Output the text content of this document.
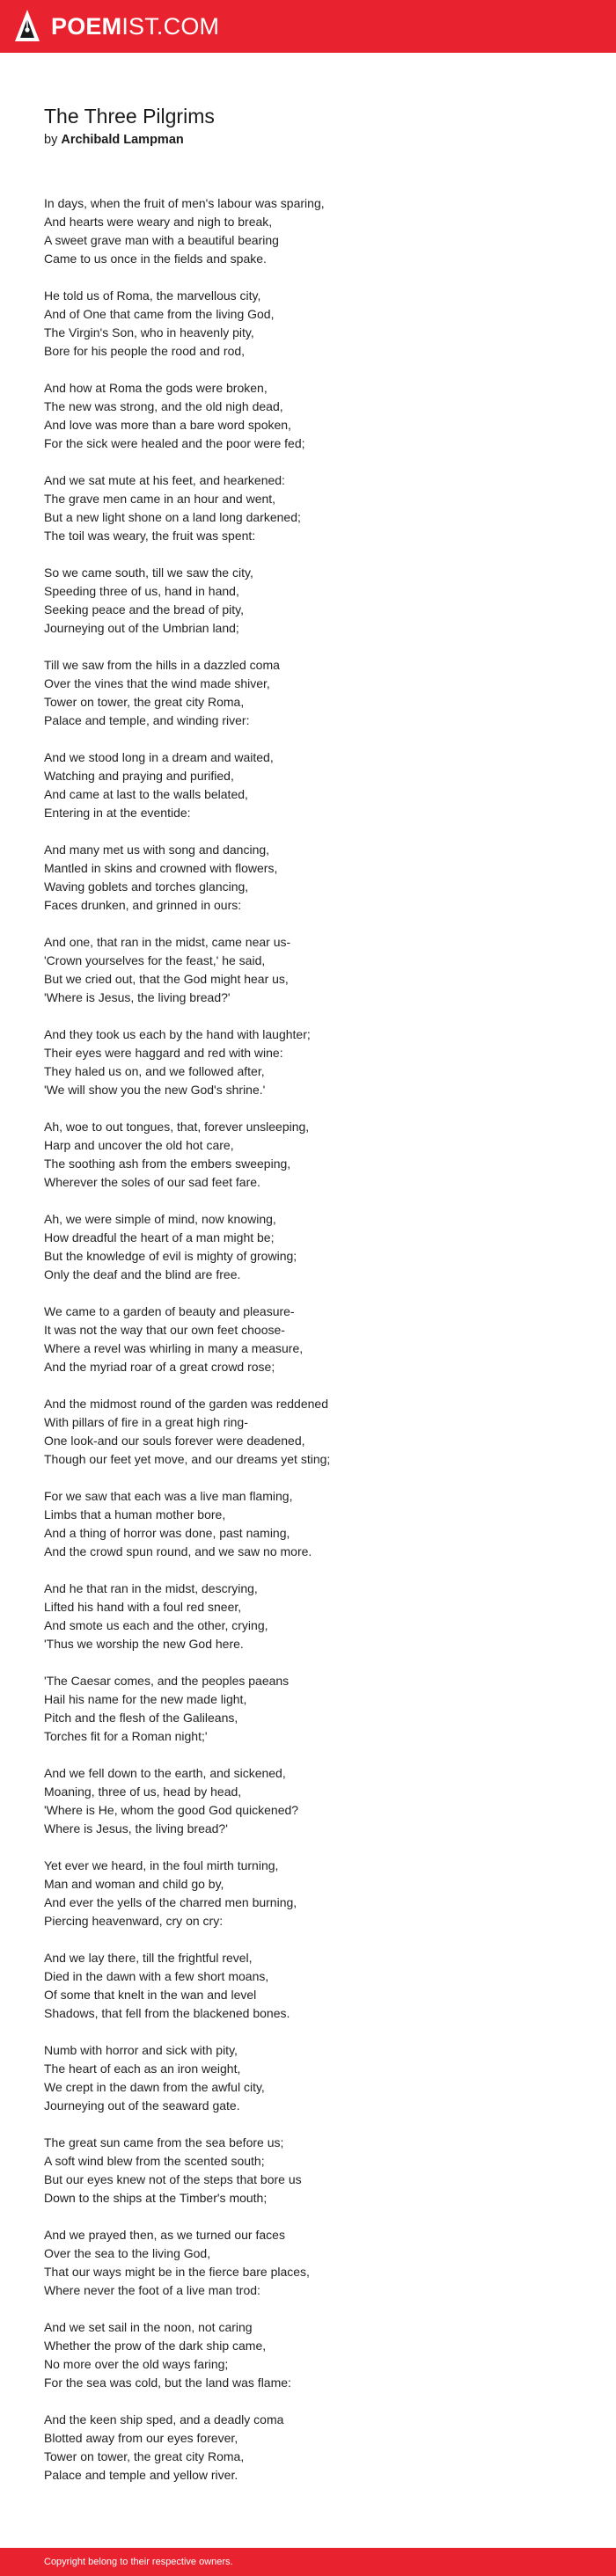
POEMIST.COM
The Three Pilgrims
by Archibald Lampman
In days, when the fruit of men's labour was sparing,
And hearts were weary and nigh to break,
A sweet grave man with a beautiful bearing
Came to us once in the fields and spake.
He told us of Roma, the marvellous city,
And of One that came from the living God,
The Virgin's Son, who in heavenly pity,
Bore for his people the rood and rod,
And how at Roma the gods were broken,
The new was strong, and the old nigh dead,
And love was more than a bare word spoken,
For the sick were healed and the poor were fed;
And we sat mute at his feet, and hearkened:
The grave men came in an hour and went,
But a new light shone on a land long darkened;
The toil was weary, the fruit was spent:
So we came south, till we saw the city,
Speeding three of us, hand in hand,
Seeking peace and the bread of pity,
Journeying out of the Umbrian land;
Till we saw from the hills in a dazzled coma
Over the vines that the wind made shiver,
Tower on tower, the great city Roma,
Palace and temple, and winding river:
And we stood long in a dream and waited,
Watching and praying and purified,
And came at last to the walls belated,
Entering in at the eventide:
And many met us with song and dancing,
Mantled in skins and crowned with flowers,
Waving goblets and torches glancing,
Faces drunken, and grinned in ours:
And one, that ran in the midst, came near us-
'Crown yourselves for the feast,' he said,
But we cried out, that the God might hear us,
'Where is Jesus, the living bread?'
And they took us each by the hand with laughter;
Their eyes were haggard and red with wine:
They haled us on, and we followed after,
'We will show you the new God's shrine.'
Ah, woe to out tongues, that, forever unsleeping,
Harp and uncover the old hot care,
The soothing ash from the embers sweeping,
Wherever the soles of our sad feet fare.
Ah, we were simple of mind, now knowing,
How dreadful the heart of a man might be;
But the knowledge of evil is mighty of growing;
Only the deaf and the blind are free.
We came to a garden of beauty and pleasure-
It was not the way that our own feet choose-
Where a revel was whirling in many a measure,
And the myriad roar of a great crowd rose;
And the midmost round of the garden was reddened
With pillars of fire in a great high ring-
One look-and our souls forever were deadened,
Though our feet yet move, and our dreams yet sting;
For we saw that each was a live man flaming,
Limbs that a human mother bore,
And a thing of horror was done, past naming,
And the crowd spun round, and we saw no more.
And he that ran in the midst, descrying,
Lifted his hand with a foul red sneer,
And smote us each and the other, crying,
'Thus we worship the new God here.
'The Caesar comes, and the peoples paeans
Hail his name for the new made light,
Pitch and the flesh of the Galileans,
Torches fit for a Roman night;'
And we fell down to the earth, and sickened,
Moaning, three of us, head by head,
'Where is He, whom the good God quickened?
Where is Jesus, the living bread?'
Yet ever we heard, in the foul mirth turning,
Man and woman and child go by,
And ever the yells of the charred men burning,
Piercing heavenward, cry on cry:
And we lay there, till the frightful revel,
Died in the dawn with a few short moans,
Of some that knelt in the wan and level
Shadows, that fell from the blackened bones.
Numb with horror and sick with pity,
The heart of each as an iron weight,
We crept in the dawn from the awful city,
Journeying out of the seaward gate.
The great sun came from the sea before us;
A soft wind blew from the scented south;
But our eyes knew not of the steps that bore us
Down to the ships at the Timber's mouth;
And we prayed then, as we turned our faces
Over the sea to the living God,
That our ways might be in the fierce bare places,
Where never the foot of a live man trod:
And we set sail in the noon, not caring
Whether the prow of the dark ship came,
No more over the old ways faring;
For the sea was cold, but the land was flame:
And the keen ship sped, and a deadly coma
Blotted away from our eyes forever,
Tower on tower, the great city Roma,
Palace and temple and yellow river.
Copyright belong to their respective owners.
